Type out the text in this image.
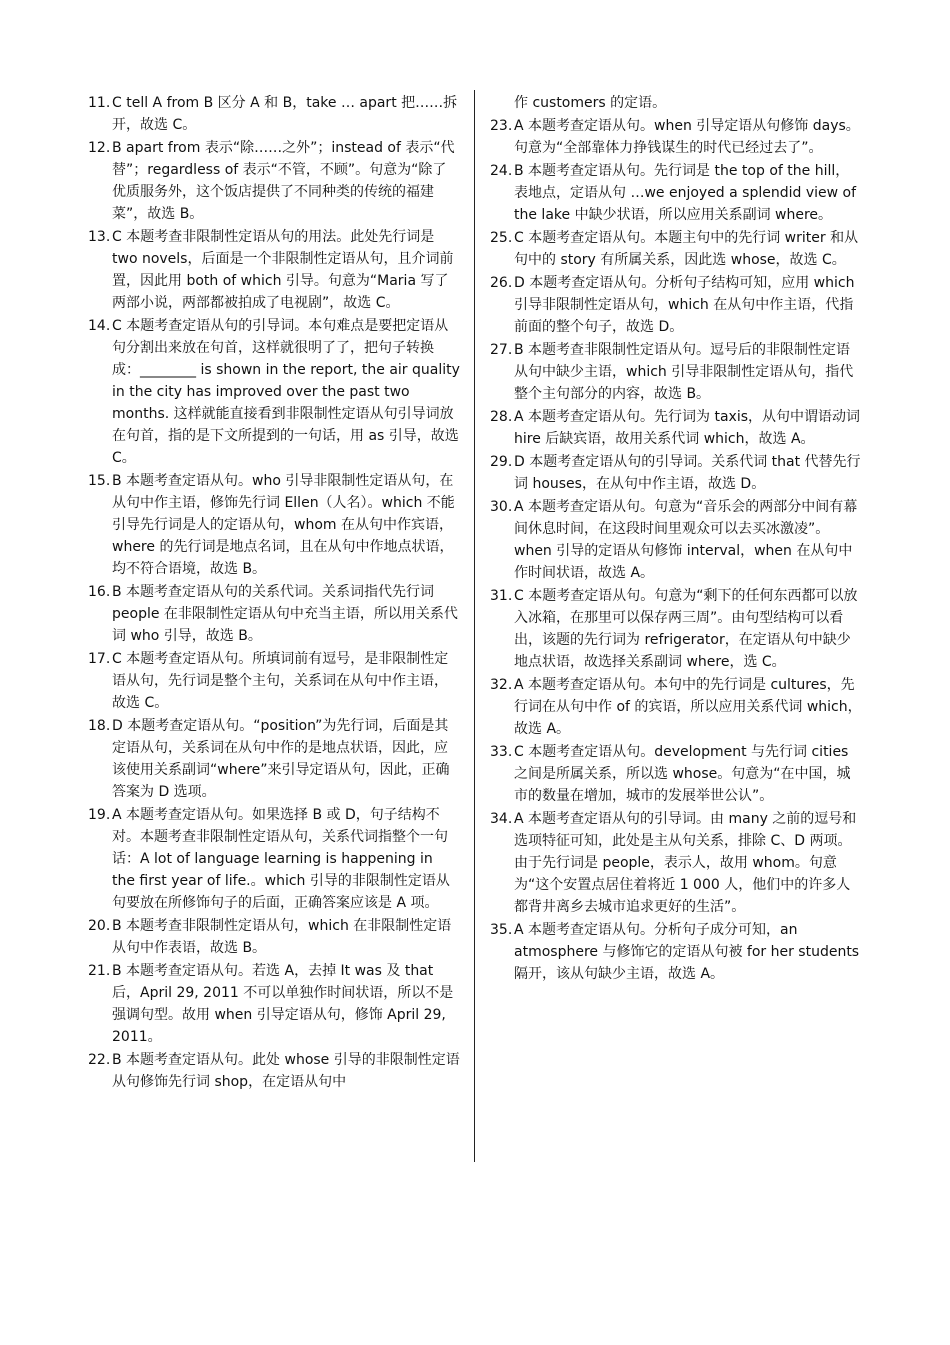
11. C tell A from B 区分 A 和 B，take … apart 把……拆开，故选 C。
12. B apart from 表示“除……之外”；instead of 表示“代替”；regardless of 表示“不管，不顾”。句意为“除了优质服务外，这个饭店提供了不同种类的传统的福建菜”，故选 B。
13. C 本题考查非限制性定语从句的用法。此处先行词是 two novels，后面是一个非限制性定语从句，且介词前置，因此用 both of which 引导。句意为“Maria 写了两部小说，两部都被拍成了电视剧”，故选 C。
14. C 本题考查定语从句的引导词。本句难点是要把定语从句分割出来放在句首，这样就很明了了，把句子转换成：________ is shown in the report, the air quality in the city has improved over the past two months. 这样就能直接看到非限制性定语从句引导词放在句首，指的是下文所提到的一句话，用 as 引导，故选 C。
15. B 本题考查定语从句。who 引导非限制性定语从句，在从句中作主语，修饰先行词 Ellen（人名）。which 不能引导先行词是人的定语从句，whom 在从句中作宾语，where 的先行词是地点名词，且在从句中作地点状语，均不符合语境，故选 B。
16. B 本题考查定语从句的关系代词。关系词指代先行词 people 在非限制性定语从句中充当主语，所以用关系代词 who 引导，故选 B。
17. C 本题考查定语从句。所填词前有逗号，是非限制性定语从句，先行词是整个主句，关系词在从句中作主语，故选 C。
18. D 本题考查定语从句。“position”为先行词，后面是其定语从句，关系词在从句中作的是地点状语，因此，应该使用关系副词“where”来引导定语从句，因此，正确答案为 D 选项。
19. A 本题考查定语从句。如果选择 B 或 D，句子结构不对。本题考查非限制性定语从句，关系代词指整个一句话：A lot of language learning is happening in the first year of life.。which 引导的非限制性定语从句要放在所修饰句子的后面，正确答案应该是 A 项。
20. B 本题考查非限制性定语从句，which 在非限制性定语从句中作表语，故选 B。
21. B 本题考查定语从句。若选 A，去掉 It was 及 that 后，April 29, 2011 不可以单独作时间状语，所以不是强调句型。故用 when 引导定语从句，修饰 April 29, 2011。
22. B 本题考查定语从句。此处 whose 引导的非限制性定语从句修饰先行词 shop，在定语从句中
作 customers 的定语。
23. A 本题考查定语从句。when 引导定语从句修饰 days。句意为“全部靠体力挣钱谋生的时代已经过去了”。
24. B 本题考查定语从句。先行词是 the top of the hill，表地点，定语从句 …we enjoyed a splendid view of the lake 中缺少状语，所以应用关系副词 where。
25. C 本题考查定语从句。本题主句中的先行词 writer 和从句中的 story 有所属关系，因此选 whose，故选 C。
26. D 本题考查定语从句。分析句子结构可知，应用 which 引导非限制性定语从句，which 在从句中作主语，代指前面的整个句子，故选 D。
27. B 本题考查非限制性定语从句。逗号后的非限制性定语从句中缺少主语，which 引导非限制性定语从句，指代整个主句部分的内容，故选 B。
28. A 本题考查定语从句。先行词为 taxis，从句中谓语动词 hire 后缺宾语，故用关系代词 which，故选 A。
29. D 本题考查定语从句的引导词。关系代词 that 代替先行词 houses，在从句中作主语，故选 D。
30. A 本题考查定语从句。句意为“音乐会的两部分中间有幕间休息时间，在这段时间里观众可以去买冰激凌”。when 引导的定语从句修饰 interval，when 在从句中作时间状语，故选 A。
31. C 本题考查定语从句。句意为“剩下的任何东西都可以放入冰箱，在那里可以保存两三周”。由句型结构可以看出，该题的先行词为 refrigerator，在定语从句中缺少地点状语，故选择关系副词 where，选 C。
32. A 本题考查定语从句。本句中的先行词是 cultures，先行词在从句中作 of 的宾语，所以应用关系代词 which，故选 A。
33. C 本题考查定语从句。development 与先行词 cities 之间是所属关系，所以选 whose。句意为“在中国，城市的数量在增加，城市的发展举世公认”。
34. A 本题考查定语从句的引导词。由 many 之前的逗号和选项特征可知，此处是主从句关系，排除 C、D 两项。由于先行词是 people，表示人，故用 whom。句意为“这个安置点居住着将近 1 000 人，他们中的许多人都背井离乡去城市追求更好的生活”。
35. A 本题考查定语从句。分析句子成分可知，an atmosphere 与修饰它的定语从句被 for her students 隔开，该从句缺少主语，故选 A。
